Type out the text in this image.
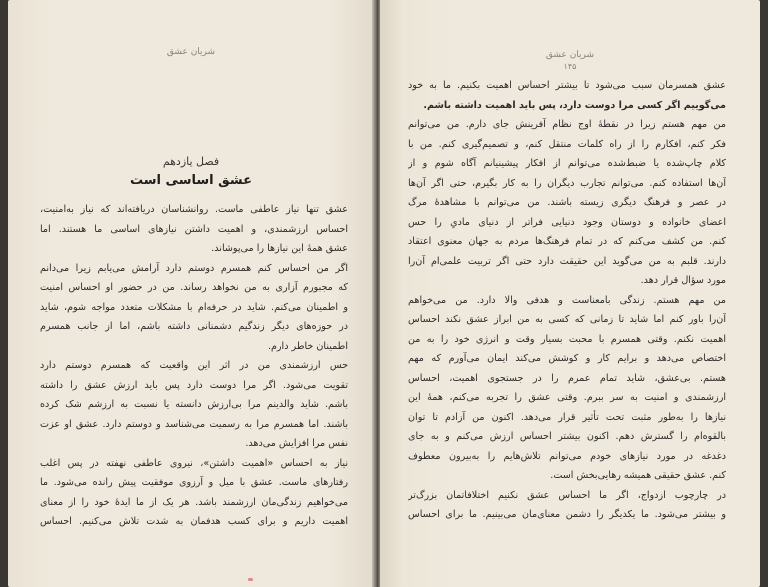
شریان عشق
فصل یازدهم
عشق اساسی است
عشق تنها نیاز عاطفی ماست. روانشناسان دریافته‌اند که نیاز به‌امنیت،
احساس ارزشمندی، و اهمیت داشتن نیازهای اساسی ما هستند. اما
عشق همهٔ این نیازها را می‌پوشاند.
اگر من احساس کنم همسرم دوستم دارد آرامش می‌یابم زیرا می‌دانم
که مجبورم آزاری به من نخواهد رساند. من در حضور او احساس امنیت
و اطمینان می‌کنم. شاید در حرفه‌ام با مشکلات متعدد مواجه شوم، شاید
در حوزه‌های دیگر زندگیم دشمنانی داشته باشم، اما از جانب همسرم
اطمینان خاطر دارم.
حس ارزشمندی من در اثر این واقعیت که همسرم دوستم دارد
تقویت می‌شود. اگر مرا دوست دارد پس باید ارزش عشق را داشته
باشم. شاید والدینم مرا بی‌ارزش دانسته یا نسبت به ارزشم شک کرده
باشند. اما همسرم مرا به رسمیت می‌شناسد و دوستم دارد. عشق او عزت
نفس مرا افزایش می‌دهد.
نیاز به احساس «اهمیت داشتن»، نیروی عاطفی نهفته در پس اغلب
رفتارهای ماست. عشق با میل و آرزوی موفقیت پیش رانده می‌شود. ما
می‌خواهیم زندگی‌مان ارزشمند باشد. هر یک از ما ایدهٔ خود را از معنای
اهمیت داریم و برای کسب هدفمان به شدت تلاش می‌کنیم. احساس
شریان عشق
۱۴۵
عشق همسرمان سبب می‌شود تا بیشتر احساس اهمیت بکنیم. ما به خود
می‌گوییم اگر کسی مرا دوست دارد، پس باید اهمیت داشته باشم.
من مهم هستم زیرا در نقطهٔ اوج نظام آفرینش جای دارم. من می‌توانم
فکر کنم، افکارم را از راه کلمات منتقل کنم، و تصمیم‌گیری کنم. من با
کلام چاپ‌شده یا ضبط‌شده می‌توانم از افکار پیشینیانم آگاه شوم و از
آن‌ها استفاده کنم. می‌توانم تجارب دیگران را به کار بگیرم، حتی اگر آن‌ها
در عصر و فرهنگ دیگری زیسته باشند. من می‌توانم با مشاهدهٔ مرگ
اعضای خانواده و دوستان وجود دنیایی فراتر از دنیای مادیِ را حس
کنم. من کشف می‌کنم که در تمام فرهنگ‌ها مردم به جهان معنوی اعتقاد
دارند. قلبم به من می‌گوید این حقیقت دارد حتی اگر تربیت علمی‌ام آن‌را
مورد سؤال قرار دهد.
من مهم هستم. زندگی بامعناست و هدفی والا دارد. من می‌خواهم
آن‌را باور کنم اما شاید تا زمانی که کسی به من ابراز عشق نکند احساس
اهمیت نکنم. وقتی همسرم با محبت بسیار وقت و انرژی خود را به من
اختصاص می‌دهد و برایم کار و کوشش می‌کند ایمان می‌آورم که مهم
هستم. بی‌عشق، شاید تمام عمرم را در جستجوی اهمیت، احساس
ارزشمندی و امنیت به سر ببرم. وقتی عشق را تجربه می‌کنم، همهٔ این
نیازها را به‌طور مثبت تحت تأثیر قرار می‌دهد. اکنون من آزادم تا توان
بالقوه‌ام را گسترش دهم. اکنون بیشتر احساس ارزش می‌کنم و به جای
دغدغه در مورد نیازهای خودم می‌توانم تلاش‌هایم را به‌بیرون معطوف
کنم. عشق حقیقی همیشه رهایی‌بخش است.
در چارچوب ازدواج، اگر ما احساس عشق نکنیم اختلافاتمان بزرگ‌تر
و بیشتر می‌شود. ما یکدیگر را دشمن معنای‌مان می‌بینیم. ما برای احساس
